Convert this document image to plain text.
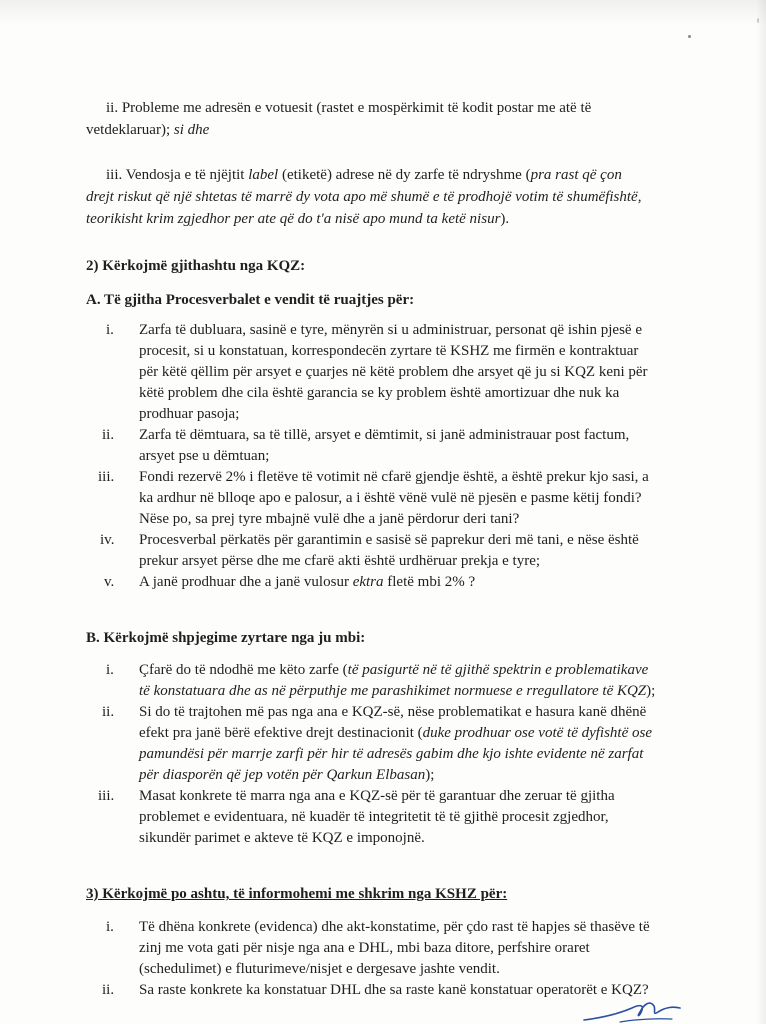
ii. Probleme me adresën e votuesit (rastet e mospërkimit të kodit postar me atë të
vetdeklaruar); si dhe
iii. Vendosja e të njëjtit label (etiketë) adrese në dy zarfe të ndryshme (pra rast që çon
drejt riskut që një shtetas të marrë dy vota apo më shumë e të prodhojë votim të shumëfishtë,
teorikisht krim zgjedhor per ate që do t'a nisë apo mund ta ketë nisur).
2) Kërkojmë gjithashtu nga KQZ:
A. Të gjitha Procesverbalet e vendit të ruajtjes për:
i. Zarfa të dubluara, sasinë e tyre, mënyrën si u administruar, personat që ishin pjesë e
procesit, si u konstatuan, korrespondecën zyrtare të KSHZ me firmën e kontraktuar
për këtë qëllim për arsyet e çuarjes në këtë problem dhe arsyet që ju si KQZ keni për
këtë problem dhe cila është garancia se ky problem është amortizuar dhe nuk ka
prodhuar pasoja;
ii. Zarfa të dëmtuara, sa të tillë, arsyet e dëmtimit, si janë administrauar post factum,
arsyet pse u dëmtuan;
iii. Fondi rezervë 2% i fletëve të votimit në cfarë gjendje është, a është prekur kjo sasi, a
ka ardhur në blloqe apo e palosur, a i është vënë vulë në pjesën e pasme këtij fondi?
Nëse po, sa prej tyre mbajnë vulë dhe a janë përdorur deri tani?
iv. Procesverbal përkatës për garantimin e sasisë së paprekur deri më tani, e nëse është
prekur arsyet përse dhe me cfarë akti është urdhëruar prekja e tyre;
v. A janë prodhuar dhe a janë vulosur ektra fletë mbi 2% ?
B. Kërkojmë shpjegime zyrtare nga ju mbi:
i. Çfarë do të ndodhë me këto zarfe (të pasigurtë në të gjithë spektrin e problematikave
të konstatuara dhe as në përputhje me parashikimet normuese e rregullatore të KQZ);
ii. Si do të trajtohen më pas nga ana e KQZ-së, nëse problematikat e hasura kanë dhënë
efekt pra janë bërë efektive drejt destinacionit (duke prodhuar ose votë të dyfishtë ose
pamundësi për marrje zarfi për hir të adresës gabim dhe kjo ishte evidente në zarfat
për diasporën që jep votën për Qarkun Elbasan);
iii. Masat konkrete të marra nga ana e KQZ-së për të garantuar dhe zeruar të gjitha
problemet e evidentuara, në kuadër të integritetit të të gjithë procesit zgjedhor,
sikundër parimet e akteve të KQZ e imponojnë.
3) Kërkojmë po ashtu, të informohemi me shkrim nga KSHZ për:
i. Të dhëna konkrete (evidenca) dhe akt-konstatime, për çdo rast të hapjes së thasëve të
zinj me vota gati për nisje nga ana e DHL, mbi baza ditore, perfshire oraret
(schedulimet) e fluturimeve/nisjet e dergesave jashte vendit.
ii. Sa raste konkrete ka konstatuar DHL dhe sa raste kanë konstatuar operatorët e KQZ?
